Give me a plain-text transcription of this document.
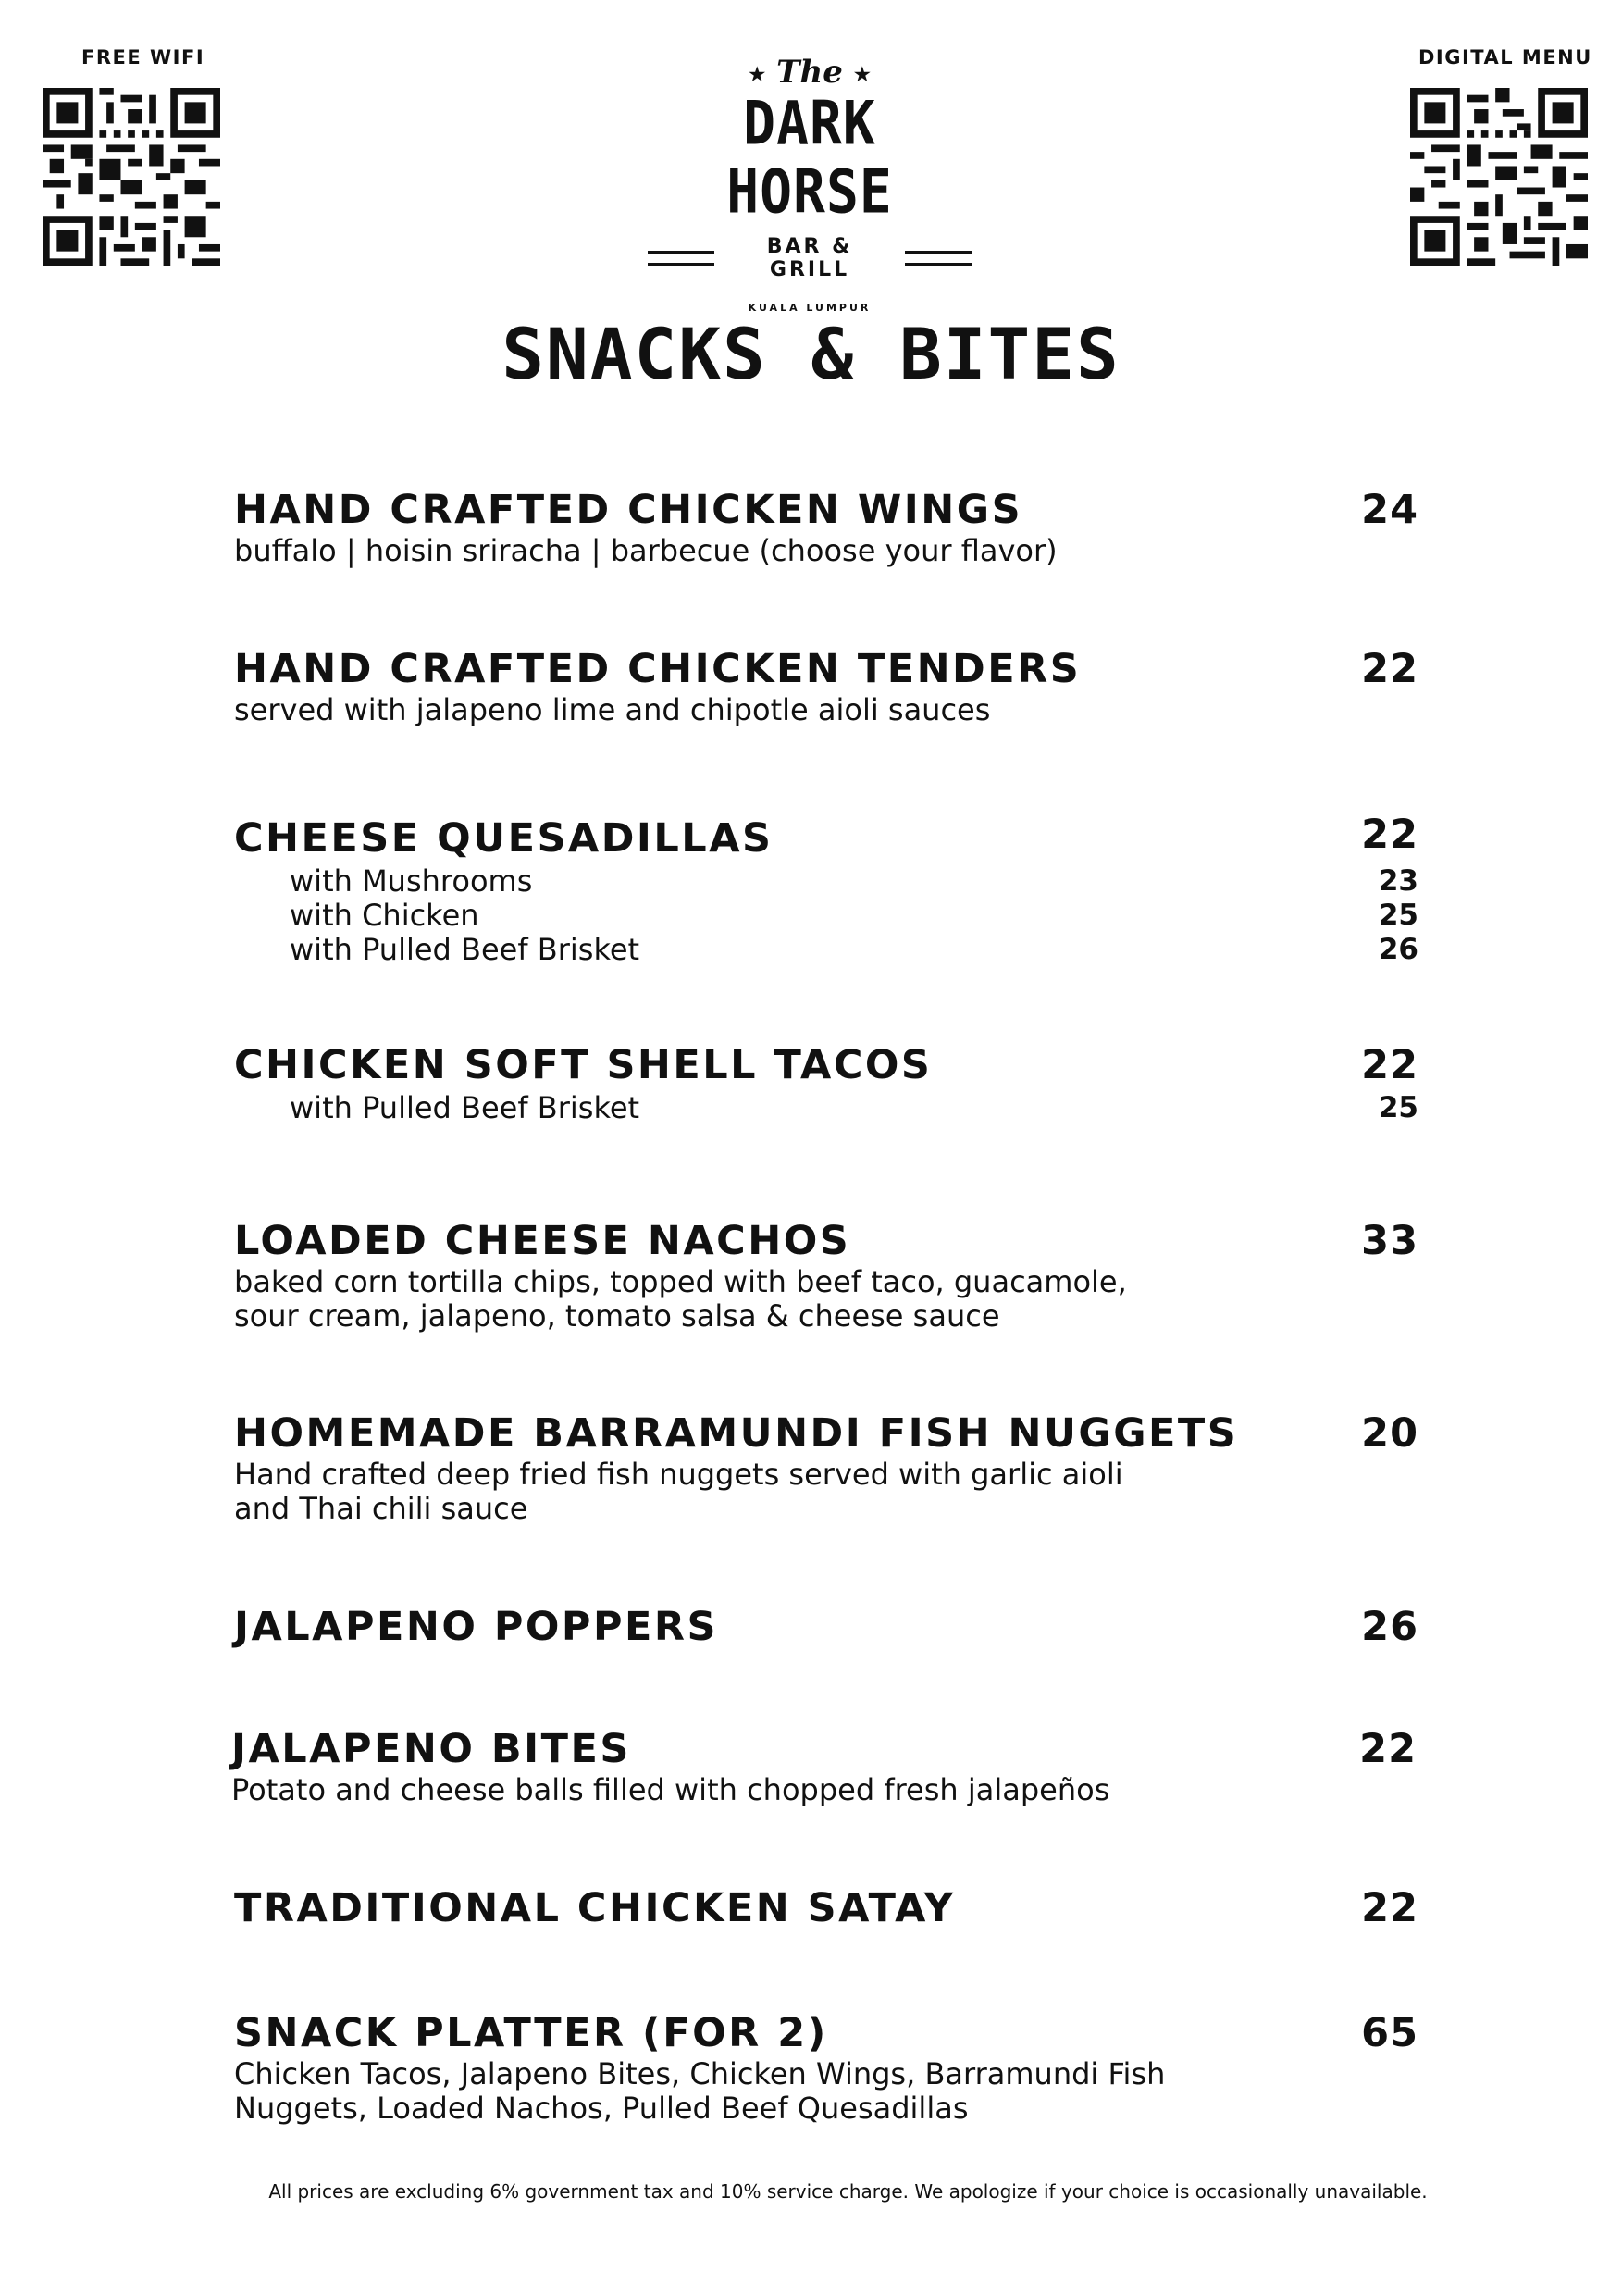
FREE WIFI	DIGITAL MENU
★ The ★
DARK HORSE
BAR & GRILL
KUALA LUMPUR
SNACKS & BITES
HAND CRAFTED CHICKEN WINGS	24
buffalo | hoisin sriracha | barbecue (choose your flavor)
HAND CRAFTED CHICKEN TENDERS	22
served with jalapeno lime and chipotle aioli sauces
CHEESE QUESADILLAS	22
with Mushrooms	23
with Chicken	25
with Pulled Beef Brisket	26
CHICKEN SOFT SHELL TACOS	22
with Pulled Beef Brisket	25
LOADED CHEESE NACHOS	33
baked corn tortilla chips, topped with beef taco, guacamole,
sour cream, jalapeno, tomato salsa & cheese sauce
HOMEMADE BARRAMUNDI FISH NUGGETS	20
Hand crafted deep fried fish nuggets served with garlic aioli
and Thai chili sauce
JALAPENO POPPERS	26
JALAPENO BITES	22
Potato and cheese balls filled with chopped fresh jalapeños
TRADITIONAL CHICKEN SATAY	22
SNACK PLATTER (FOR 2)	65
Chicken Tacos, Jalapeno Bites, Chicken Wings, Barramundi Fish
Nuggets, Loaded Nachos, Pulled Beef Quesadillas
All prices are excluding 6% government tax and 10% service charge. We apologize if your choice is occasionally unavailable.
